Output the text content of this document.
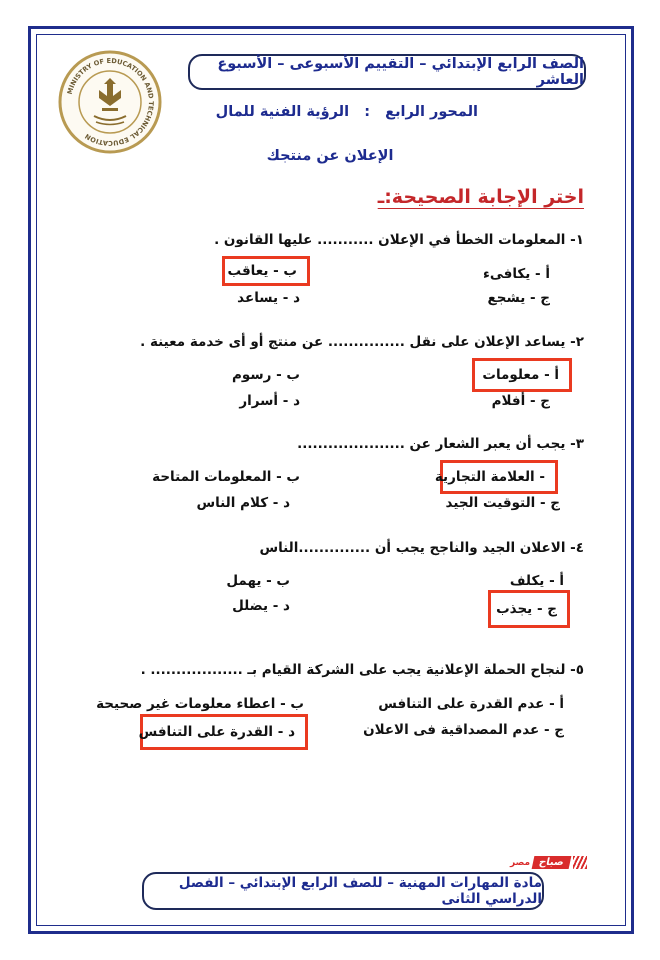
MINISTRY OF EDUCATION AND TECHNICAL EDUCATION
الصف الرابع الإبتدائي – التقييم الأسبوعى – الأسبوع العاشر
المحور الرابع   :   الرؤية الفنية للمال
الإعلان عن منتجك
اختر الإجابة الصحيحة:ـ
١- المعلومات الخطأ في الإعلان ........... عليها القانون .
أ - يكافىء
ب - يعاقب
ج - يشجع
د - يساعد
٢- يساعد الإعلان على نقل ............... عن منتج أو أى خدمة معينة .
أ - معلومات
ب - رسوم
ج - أفلام
د - أسرار
٣- يجب أن يعبر الشعار عن .....................
- العلامة التجارية
ب - المعلومات المتاحة
ج - التوقيت الجيد
د - كلام الناس
٤- الاعلان الجيد والناجح يجب أن ..............الناس
أ - يكلف
ب - يهمل
ج - يجذب
د - يضلل
٥- لنجاح الحملة الإعلانية يجب على الشركة القيام بـ .................. .
أ - عدم القدرة على التنافس
ب - اعطاء معلومات غير صحيحة
ج - عدم المصداقية فى الاعلان
د - القدرة على التنافس
مصر صباح
مادة المهارات المهنية – للصف الرابع الإبتدائي – الفصل الدراسي الثانى
